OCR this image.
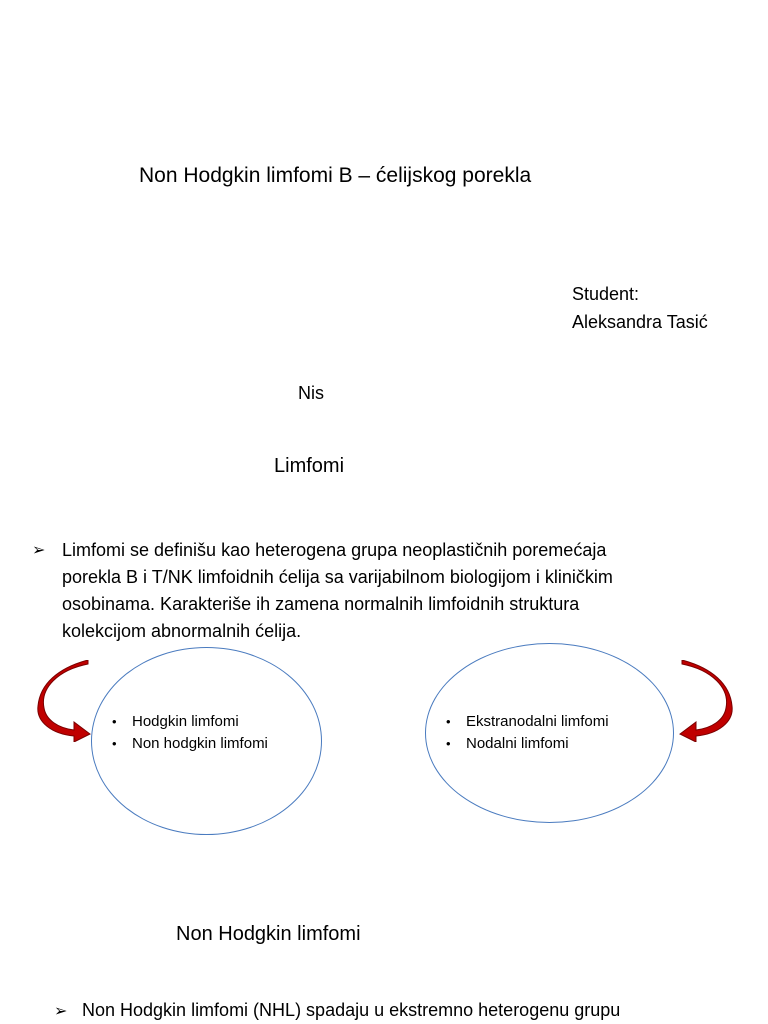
Non Hodgkin limfomi B – ćelijskog porekla
Student:
Aleksandra Tasić
Nis
Limfomi
➢ Limfomi se definišu kao heterogena grupa neoplastičnih poremećaja
porekla B i T/NK limfoidnih ćelija sa varijabilnom biologijom i kliničkim
osobinama. Karakteriše ih zamena normalnih limfoidnih struktura
kolekcijom abnormalnih ćelija.
• Hodgkin limfomi
• Non hodgkin limfomi
• Ekstranodalni limfomi
• Nodalni limfomi
Non Hodgkin limfomi
➢ Non Hodgkin limfomi (NHL) spadaju u ekstremno heterogenu grupu
